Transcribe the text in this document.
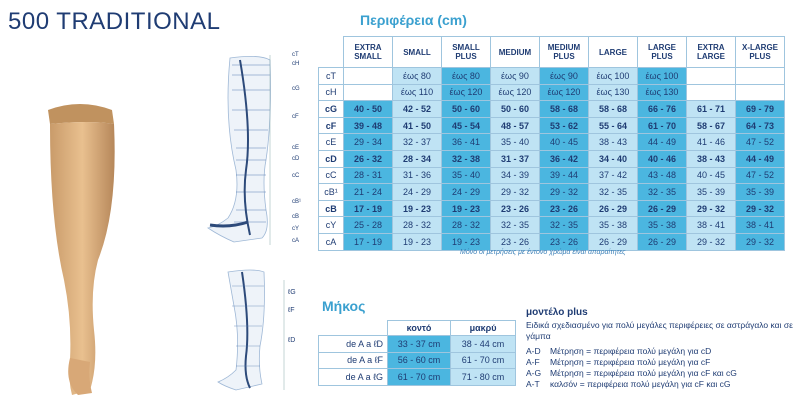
500 TRADITIONAL
cT
cH
cG
cF
cE
cD
cC
cB¹
cB
cY
cA
Περιφέρεια (cm)
	EXTRA SMALL	SMALL	SMALL PLUS	MEDIUM	MEDIUM PLUS	LARGE	LARGE PLUS	EXTRA LARGE	X-LARGE PLUS
cT		έως 80	έως 80	έως 90	έως 90	έως 100	έως 100		
cH		έως 110	έως 120	έως 120	έως 120	έως 130	έως 130		
cG	40 - 50	42 - 52	50 - 60	50 - 60	58 - 68	58 - 68	66 - 76	61 - 71	69 - 79
cF	39 - 48	41 - 50	45 - 54	48 - 57	53 - 62	55 - 64	61 - 70	58 - 67	64 - 73
cE	29 - 34	32 - 37	36 - 41	35 - 40	40 - 45	38 - 43	44 - 49	41 - 46	47 - 52
cD	26 - 32	28 - 34	32 - 38	31 - 37	36 - 42	34 - 40	40 - 46	38 - 43	44 - 49
cC	28 - 31	31 - 36	35 - 40	34 - 39	39 - 44	37 - 42	43 - 48	40 - 45	47 - 52
cB¹	21 - 24	24 - 29	24 - 29	29 - 32	29 - 32	32 - 35	32 - 35	35 - 39	35 - 39
cB	17 - 19	19 - 23	19 - 23	23 - 26	23 - 26	26 - 29	26 - 29	29 - 32	29 - 32
cY	25 - 28	28 - 32	28 - 32	32 - 35	32 - 35	35 - 38	35 - 38	38 - 41	38 - 41
cA	17 - 19	19 - 23	19 - 23	23 - 26	23 - 26	26 - 29	26 - 29	29 - 32	29 - 32
Μόνο οι μετρήσεις με έντονο χρώμα είναι απαραίτητες
ℓG
ℓF
ℓD
Μήκος
	κοντό	μακρύ
de A a ℓD	33 - 37 cm	38 - 44 cm
de A a ℓF	56 - 60 cm	61 - 70 cm
de A a ℓG	61 - 70 cm	71 - 80 cm
μοντέλο plus
Ειδικά σχεδιασμένο για πολύ μεγάλες περιφέρειες σε αστράγαλο και σε γάμπα
A-D	Μέτρηση = περιφέρεια πολύ μεγάλη για cD
A-F	Μέτρηση = περιφέρεια πολύ μεγάλη για cF
A-G	Μέτρηση = περιφέρεια πολύ μεγάλη για cF και cG
A-T	καλσόν = περιφέρεια πολύ μεγάλη για cF και cG
